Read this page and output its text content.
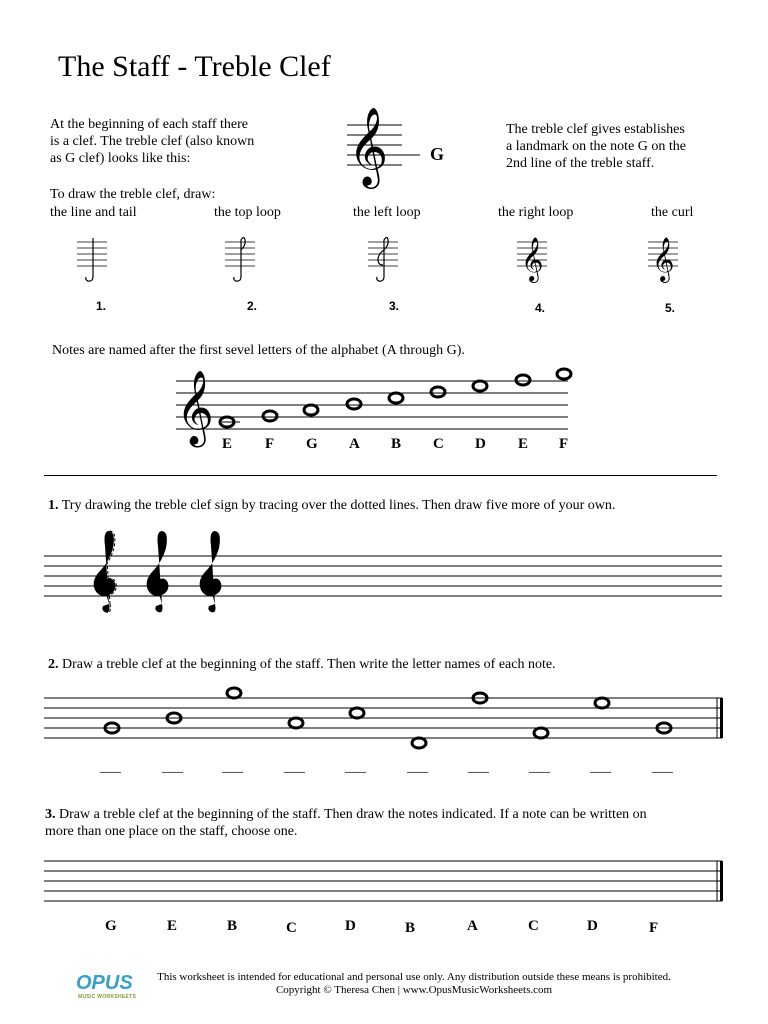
The Staff - Treble Clef
At the beginning of each staff there
is a clef. The treble clef (also known
as G clef) looks like this:	𝄞 G
The treble clef gives establishes
a landmark on the note G on the
2nd line of the treble staff.
To draw the treble clef, draw:
the line and tail	the top loop	the left loop	the right loop	the curl
𝄞	𝄞
1.	2.	3.	4.	5.
Notes are named after the first sevel letters of the alphabet (A through G).
𝄞 E F G A B C D E F
1. Try drawing the treble clef sign by tracing over the dotted lines. Then draw five more of your own.
2. Draw a treble clef at the beginning of the staff. Then write the letter names of each note.
___	___	___	___	___	___	___	___	___	___
3. Draw a treble clef at the beginning of the staff. Then draw the notes indicated. If a note can be written on
more than one place on the staff, choose one.
G	E	B	C	D	B	A	C	D	F
OPUS
MUSIC WORKSHEETS
This worksheet is intended for educational and personal use only. Any distribution outside these means is prohibited.
Copyright © Theresa Chen | www.OpusMusicWorksheets.com
